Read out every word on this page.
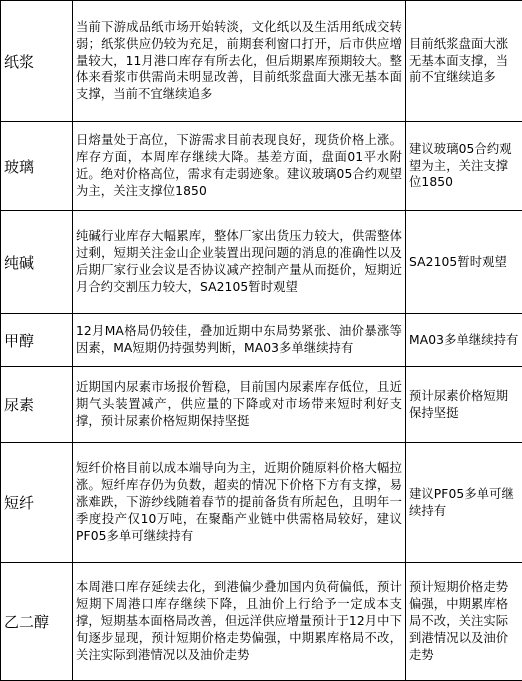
纸浆	当前下游成品纸市场开始转淡，文化纸以及生活用纸成交转弱；纸浆供应仍较为充足，前期套利窗口打开，后市供应增量较大，11月港口库存有所去化，但后期累库预期较大。整体来看浆市供需尚未明显改善，目前纸浆盘面大涨无基本面支撑，当前不宜继续追多	目前纸浆盘面大涨无基本面支撑，当前不宜继续追多
玻璃	日熔量处于高位，下游需求目前表现良好，现货价格上涨。库存方面，本周库存继续大降。基差方面，盘面01平水附近。绝对价格高位，需求有走弱迹象。建议玻璃05合约观望为主，关注支撑位1850	建议玻璃05合约观望为主，关注支撑位1850
纯碱	纯碱行业库存大幅累库，整体厂家出货压力较大，供需整体过剩，短期关注金山企业装置出现问题的消息的准确性以及后期厂家行业会议是否协议减产控制产量从而挺价，短期近月合约交割压力较大，SA2105暂时观望	SA2105暂时观望
甲醇	12月MA格局仍较佳，叠加近期中东局势紧张、油价暴涨等因素，MA短期仍持强势判断，MA03多单继续持有	MA03多单继续持有
尿素	近期国内尿素市场报价暂稳，目前国内尿素库存低位，且近期气头装置减产，供应量的下降或对市场带来短时利好支撑，预计尿素价格短期保持坚挺	预计尿素价格短期保持坚挺
短纤	短纤价格目前以成本端导向为主，近期价随原料价格大幅拉涨。短纤库存仍为负数，超卖的情况下价格下方有支撑，易涨难跌，下游纱线随着春节的提前备货有所起色，且明年一季度投产仅10万吨，在聚酯产业链中供需格局较好，建议PF05多单可继续持有	建议PF05多单可继续持有
乙二醇	本周港口库存延续去化，到港偏少叠加国内负荷偏低，预计短期下周港口库存继续下降，且油价上行给予一定成本支撑，短期基本面格局改善，但远洋供应增量预计于12月中下旬逐步显现，预计短期价格走势偏强，中期累库格局不改，关注实际到港情况以及油价走势	预计短期价格走势偏强，中期累库格局不改，关注实际到港情况以及油价走势
